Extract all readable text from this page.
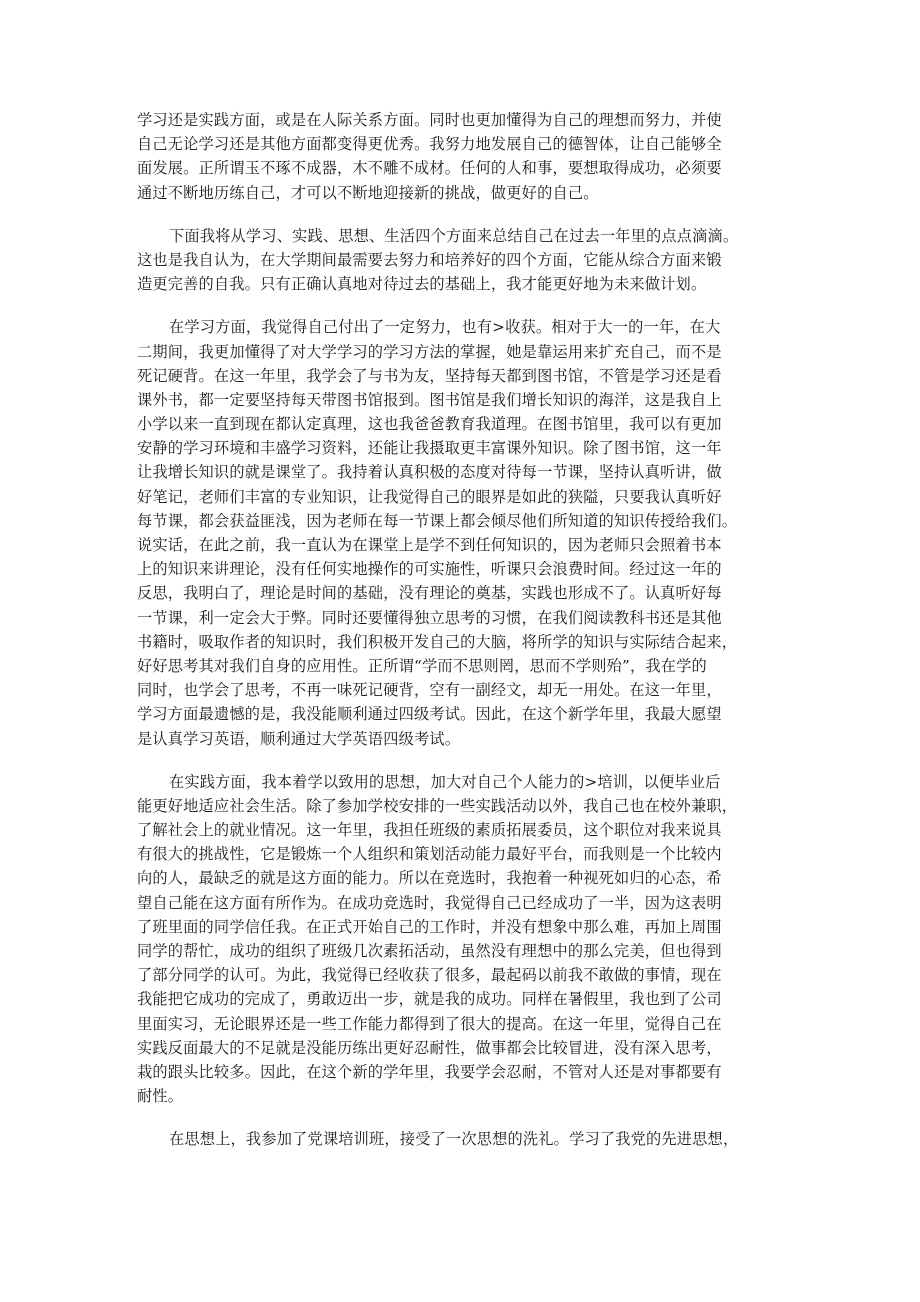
学习还是实践方面，或是在人际关系方面。同时也更加懂得为自己的理想而努力，并使
自己无论学习还是其他方面都变得更优秀。我努力地发展自己的德智体，让自己能够全
面发展。正所谓玉不琢不成器，木不雕不成材。任何的人和事，要想取得成功，必须要
通过不断地历练自己，才可以不断地迎接新的挑战，做更好的自己。
下面我将从学习、实践、思想、生活四个方面来总结自己在过去一年里的点点滴滴。
这也是我自认为，在大学期间最需要去努力和培养好的四个方面，它能从综合方面来锻
造更完善的自我。只有正确认真地对待过去的基础上，我才能更好地为未来做计划。
在学习方面，我觉得自己付出了一定努力，也有>收获。相对于大一的一年，在大
二期间，我更加懂得了对大学学习的学习方法的掌握，她是靠运用来扩充自己，而不是
死记硬背。在这一年里，我学会了与书为友，坚持每天都到图书馆，不管是学习还是看
课外书，都一定要坚持每天带图书馆报到。图书馆是我们增长知识的海洋，这是我自上
小学以来一直到现在都认定真理，这也我爸爸教育我道理。在图书馆里，我可以有更加
安静的学习环境和丰盛学习资料，还能让我摄取更丰富课外知识。除了图书馆，这一年
让我增长知识的就是课堂了。我持着认真积极的态度对待每一节课，坚持认真听讲，做
好笔记，老师们丰富的专业知识，让我觉得自己的眼界是如此的狭隘，只要我认真听好
每节课，都会获益匪浅，因为老师在每一节课上都会倾尽他们所知道的知识传授给我们。
说实话，在此之前，我一直认为在课堂上是学不到任何知识的，因为老师只会照着书本
上的知识来讲理论，没有任何实地操作的可实施性，听课只会浪费时间。经过这一年的
反思，我明白了，理论是时间的基础，没有理论的奠基，实践也形成不了。认真听好每
一节课，利一定会大于弊。同时还要懂得独立思考的习惯，在我们阅读教科书还是其他
书籍时，吸取作者的知识时，我们积极开发自己的大脑，将所学的知识与实际结合起来，
好好思考其对我们自身的应用性。正所谓“学而不思则罔，思而不学则殆”，我在学的
同时，也学会了思考，不再一味死记硬背，空有一副经文，却无一用处。在这一年里，
学习方面最遗憾的是，我没能顺利通过四级考试。因此，在这个新学年里，我最大愿望
是认真学习英语，顺利通过大学英语四级考试。
在实践方面，我本着学以致用的思想，加大对自己个人能力的>培训，以便毕业后
能更好地适应社会生活。除了参加学校安排的一些实践活动以外，我自己也在校外兼职，
了解社会上的就业情况。这一年里，我担任班级的素质拓展委员，这个职位对我来说具
有很大的挑战性，它是锻炼一个人组织和策划活动能力最好平台，而我则是一个比较内
向的人，最缺乏的就是这方面的能力。所以在竞选时，我抱着一种视死如归的心态，希
望自己能在这方面有所作为。在成功竞选时，我觉得自己已经成功了一半，因为这表明
了班里面的同学信任我。在正式开始自己的工作时，并没有想象中那么难，再加上周围
同学的帮忙，成功的组织了班级几次素拓活动，虽然没有理想中的那么完美，但也得到
了部分同学的认可。为此，我觉得已经收获了很多，最起码以前我不敢做的事情，现在
我能把它成功的完成了，勇敢迈出一步，就是我的成功。同样在暑假里，我也到了公司
里面实习，无论眼界还是一些工作能力都得到了很大的提高。在这一年里，觉得自己在
实践反面最大的不足就是没能历练出更好忍耐性，做事都会比较冒进，没有深入思考，
栽的跟头比较多。因此，在这个新的学年里，我要学会忍耐，不管对人还是对事都要有
耐性。
在思想上，我参加了党课培训班，接受了一次思想的洗礼。学习了我党的先进思想，
